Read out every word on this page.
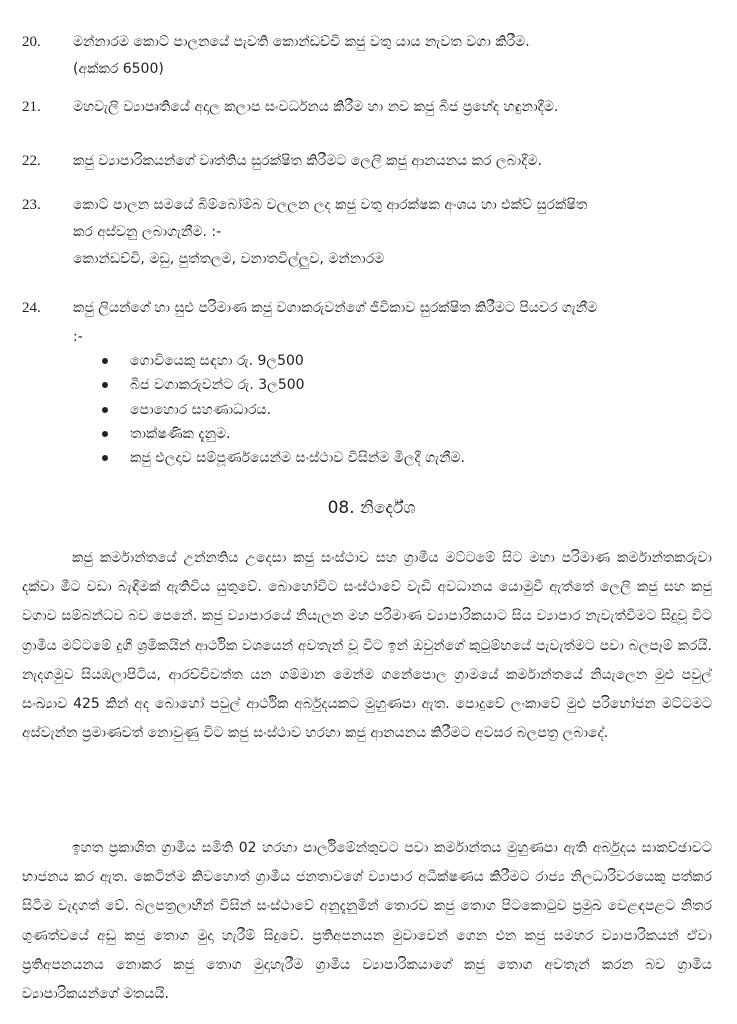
20.	මන්නාරම කොට් පාලනයේ පැවති කොන්ඩච්චි කජු වතු යාය නැවත වගා කිරීම.
(අක්කර 6500)
21.	මහවැලි ව්‍යාපෘතියේ අදාල කලාප සංවර්ධනය කිරීම හා නව කජු බීජ ප්‍රභේද හඳුනාදීම.
22.	කජු ව්‍යාපාරිකයන්ගේ වෘත්තිය සුරක්ෂිත කිරීමට ලෙලි කජු ආනයනය කර ලබාදීම.
23.	කොට් පාලන සමයේ බිම්බෝම්බ වලලන ලද කජු වතු ආරක්ෂක අංශය හා එක්ව් සුරක්ෂිත
කර අස්වනු ලබාගැනීම. :-
කොන්ඩච්චි, මඩු, පුත්තලම, වනාතවිල්ලුව, මන්නාරම
24.	කජු ලියන්ගේ හා සුළු පරිමාණ කජු වගාකරුවන්ගේ ජීවිකාව සුරක්ෂිත කිරීමට පියවර ගැනීම
:-
ගොවියෙකු සඳහා රු. 9ල500
බීජ වගාකරුවන්ට රු. 3ල500
පොහොර සහණාධාරය.
තාක්ෂණික දැනුම.
කජු එලදාව සම්පූර්ණයෙන්ම සංස්ථාව විසින්ම මිලදී ගැනීම.
08. නිර්දේශ

කජු කර්මාන්තයේ උන්නතිය උදෙසා කජු සංස්ථාව සහ ග්‍රාමීය මට්ටමේ සිට මහා පරිමාණ කර්මාන්තකරුවා දක්වා මීට වඩා බැඳීමක් ඇතිවිය යුතුවේ. බොහෝවිට සංස්ථාවේ වැඩි අවධානය යොමුවී ඇත්තේ ලෙලි කජු සහ කජු වගාව සම්බන්ධව බව පෙනේ. කජු ව්‍යාපාරයේ නියැලන මහ පරිමාණ ව්‍යාපාරිකයාට සිය ව්‍යාපාර නැවැත්වීමට සිදුවූ විට ග්‍රාමීය මට්ටමේ දුගී ශ්‍රමිකයින් ආර්ථික වශයෙන් අවතැන් වූ විට ඉන් ඔවුන්ගේ කුටුම්භයේ පැවැත්මට පවා බලපෑම් කරයි. නැදගමුව සියඹලාපිටිය, ආරච්චිවත්ත යන ගම්මාන මෙන්ම ගනේපොල ග්‍රාමයේ කර්මාන්තයේ නියැලෙන මුළු පවුල් සංඛ්‍යාව 425 කින් අද බොහෝ පවුල් ආර්ථික අර්බුදයකට මුහුණපා ඇත. පොදුවේ ලංකාවේ මුළු පරිභෝජන මට්ටමට අස්වැන්න ප්‍රමාණවත් නොවුණු විට කජු සංස්ථාව හරහා කජු ආනයනය කිරීමට අවසර බලපත්‍ර ලබාදේ.

ඉහත ප්‍රකාශිත ග්‍රාමීය සමිති 02 හරහා පාර්ලිමේන්තුවට පවා කර්මාන්තය මුහුණපා ඇති අර්බුදය සාකච්ඡාවට භාජනය කර ඇත. කෙටින්ම කිවහොත් ග්‍රාමීය ජනතාවගේ ව්‍යාපාර අධීක්ෂණය කිරීමට රාජ්‍ය නිලධාරිවරයෙකු පත්කර සිටීම වැදගත් වේ. බලපත්‍රලාභීන් විසින් සංස්ථාවේ අනුදැනුමින් තොරව කජු තොග පිටකොටුව ප්‍රමුඛ වෙළඳපළට නිතර ගුණත්වයේ අඩු කජු තොග මුදා හැරීම් සිදුවේ. ප්‍රතිඅපනයන මුවාවෙන් ගෙන එන කජු සමහර ව්‍යාපාරිකයන් ඒවා ප්‍රතිඅපනයනය නොකර කජු තොග මුදාහැරීම ග්‍රාමීය ව්‍යාපාරිකයාගේ කජු තොග අවතැන් කරන බව ග්‍රාමීය ව්‍යාපාරිකයන්ගේ මතයයි.
